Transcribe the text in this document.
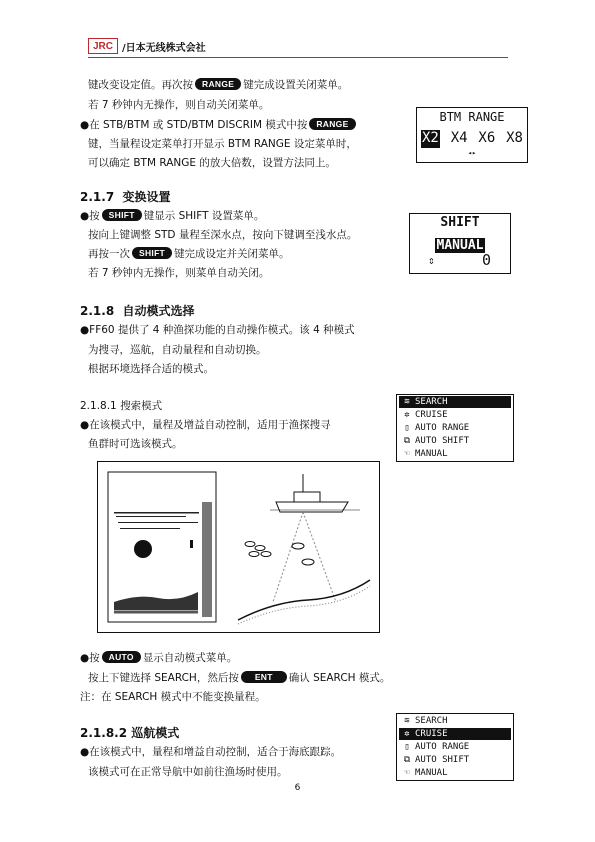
JRC /日本无线株式会社
键改变设定值。再次按 RANGE 键完成设置关闭菜单。
若 7 秒钟内无操作，则自动关闭菜单。
●在 STB/BTM 或 STD/BTM DISCRIM 模式中按 RANGE
键，当量程设定菜单打开显示 BTM RANGE 设定菜单时，
可以确定 BTM RANGE 的放大倍数，设置方法同上。
BTM RANGE
X2 X4 X6 X8
◂▸
2.1.7 变换设置
●按 SHIFT 键显示 SHIFT 设置菜单。
按向上键调整 STD 量程至深水点，按向下键调至浅水点。
再按一次 SHIFT 键完成设定并关闭菜单。
若 7 秒钟内无操作，则菜单自动关闭。
SHIFT
MANUAL
⇕	0
2.1.8 自动模式选择
●FF60 提供了 4 种渔探功能的自动操作模式。该 4 种模式
为搜寻，巡航，自动量程和自动切换。
根据环境选择合适的模式。
2.1.8.1 搜索模式
●在该模式中，量程及增益自动控制，适用于渔探搜寻
鱼群时可选该模式。
≋ SEARCH
✲ CRUISE
▯ AUTO RANGE
⧉ AUTO SHIFT
☜ MANUAL
●按 AUTO 显示自动模式菜单。
按上下键选择 SEARCH，然后按 ENT 确认 SEARCH 模式。
注：在 SEARCH 模式中不能变换量程。
2.1.8.2 巡航模式
●在该模式中，量程和增益自动控制，适合于海底跟踪。
该模式可在正常导航中如前往渔场时使用。
≋ SEARCH
✲ CRUISE
▯ AUTO RANGE
⧉ AUTO SHIFT
☜ MANUAL
6
